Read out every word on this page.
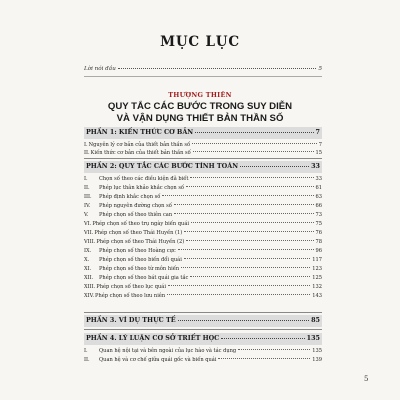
MỤC LỤC
Lời nói đầu	5
THƯỢNG THIÊN
QUY TẮC CÁC BƯỚC TRONG SUY DIỄN
VÀ VẬN DỤNG THIẾT BẢN THẦN SỐ
PHẦN 1: KIẾN THỨC CƠ BẢN	7
I. Nguyên lý cơ bản của thiết bản thần số	7
II. Kiến thức cơ bản của thiết bản thần số	15
PHẦN 2: QUY TẮC CÁC BƯỚC TÍNH TOÁN	33
I.	Chọn số theo các điều kiện đã biết	33
II.	Phép lục thân khảo khắc chọn số	61
III.	Phép định khắc chọn số	63
IV.	Phép nguyên đường chọn số	66
V.	Phép chọn số theo thiên can	73
VI. Phép chọn số theo trụ ngày biến quái	75
VII. Phép chọn số theo Thái Huyền (1)	76
VIII. Phép chọn số theo Thái Huyền (2)	78
IX.	Phép chọn số theo Hoàng cực	96
X.	Phép chọn số theo biến đổi quái	117
XI.	Phép chọn số theo từ môn hiến	123
XII.	Phép chọn số theo bát quái gia tắc	125
XIII. Phép chọn số theo lục quái	132
XIV. Phép chọn số theo lưu niên	143
PHẦN 3. VÍ DỤ THỰC TẾ	85
PHẦN 4. LÝ LUẬN CƠ SỞ TRIẾT HỌC	135
I.	Quan hệ nội tại và bên ngoài của lục hào và tác dụng	135
II.	Quan hệ và cơ chế giữa quái gốc và biến quái	139
5
